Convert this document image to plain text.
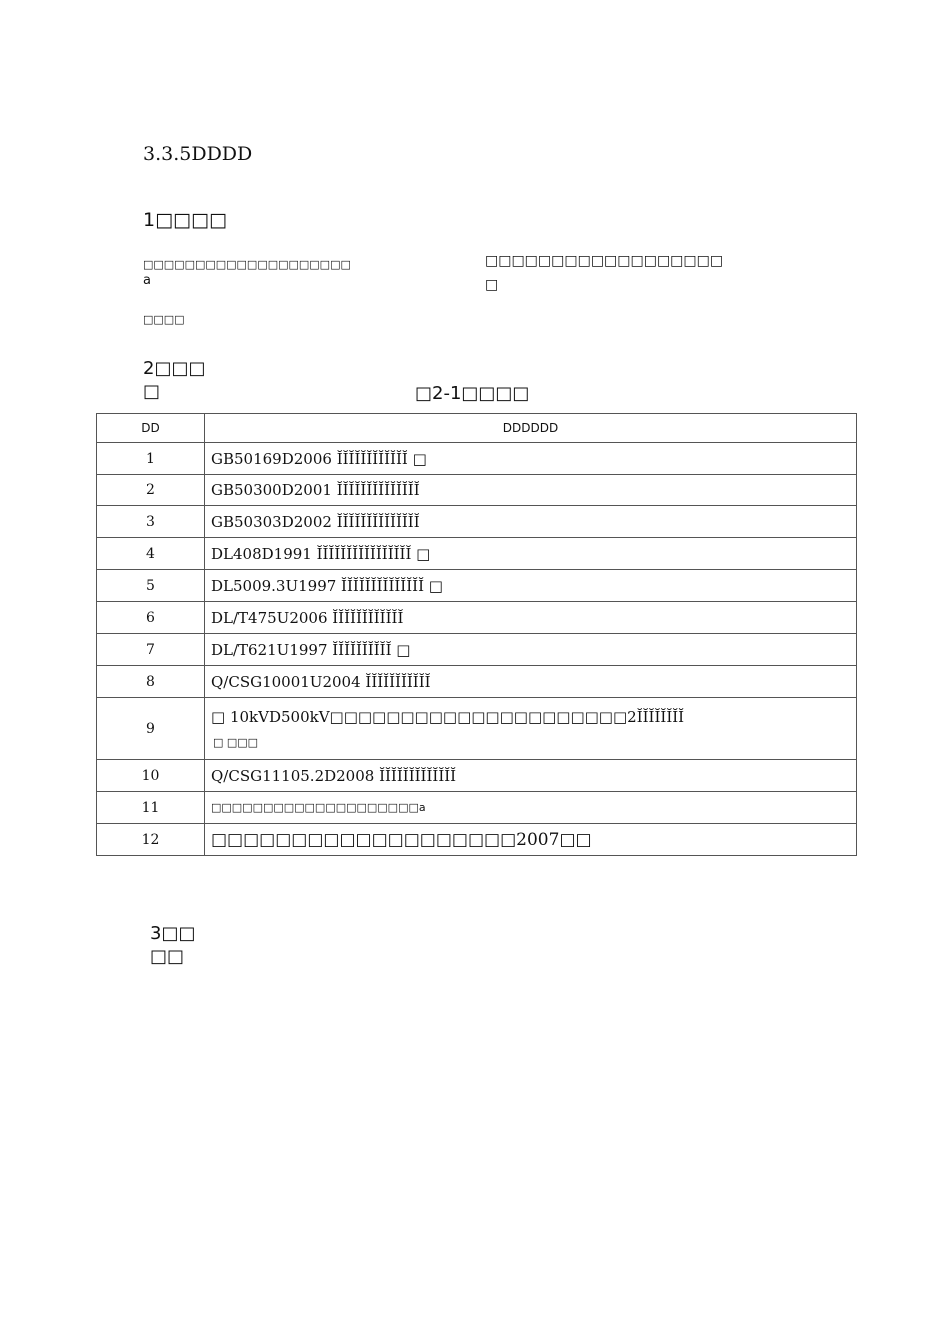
3.3.5DDDD
1□□□□
□□□□□□□□□□□□□□□□□□□□
a
□□□□□□□□□□□□□□□□□□
□
□□□□
2□□□
□	□2-1□□□□
DD	DDDDDD
1	GB50169D2006 ĬĬĬĬĬĬĬĬĬĬĬĬ □
2	GB50300D2001 ĬĬĬĬĬĬĬĬĬĬĬĬĬĬ
3	GB50303D2002 ĬĬĬĬĬĬĬĬĬĬĬĬĬĬ
4	DL408D1991 ĬĬĬĬĬĬĬĬĬĬĬĬĬĬĬĬ □
5	DL5009.3U1997 ĬĬĬĬĬĬĬĬĬĬĬĬĬĬ □
6	DL/T475U2006 ĬĬĬĬĬĬĬĬĬĬĬĬ
7	DL/T621U1997 ĬĬĬĬĬĬĬĬĬĬ □
8	Q/CSG10001U2004 ĬĬĬĬĬĬĬĬĬĬĬ
9	□ 10kVD500kV□□□□□□□□□□□□□□□□□□□□□2ĬĬĬĬĬĬĬĬ
□ □□□

10	Q/CSG11105.2D2008 ĬĬĬĬĬĬĬĬĬĬĬĬĬ
11	□□□□□□□□□□□□□□□□□□□□a
12	□□□□□□□□□□□□□□□□□□□2007□□
3□□
□□
